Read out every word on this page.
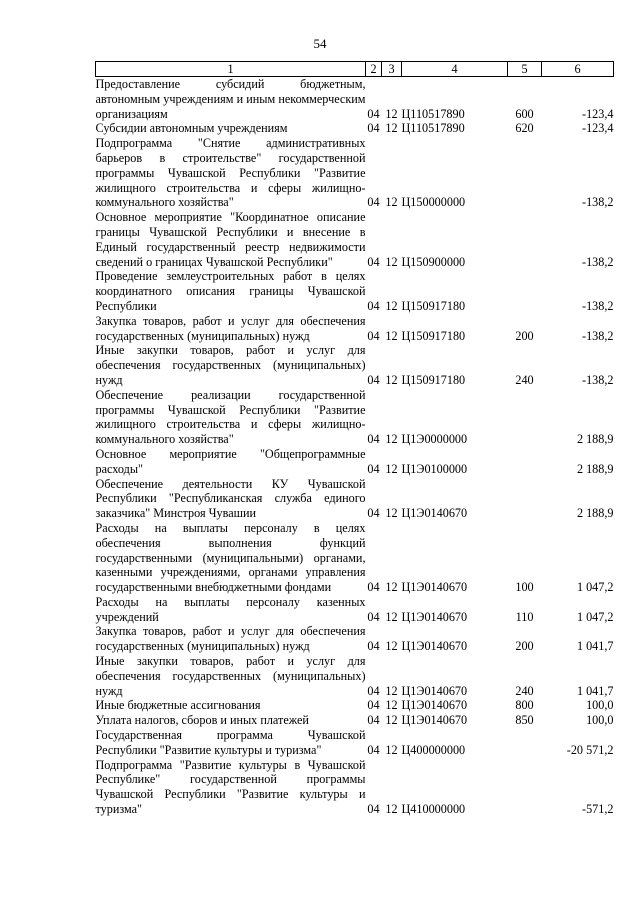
54
1	2	3	4	5	6
Предоставление субсидий бюджетным, автономным учреждениям и иным некоммерческим организациям	04	12	Ц110517890	600	-123,4
Субсидии автономным учреждениям	04	12	Ц110517890	620	-123,4
Подпрограмма "Снятие административных барьеров в строительстве" государственной программы Чувашской Республики "Развитие жилищного строительства и сферы жилищно-коммунального хозяйства"	04	12	Ц150000000		-138,2
Основное мероприятие "Координатное описание границы Чувашской Республики и внесение в Единый государственный реестр недвижимости сведений о границах Чувашской Республики"	04	12	Ц150900000		-138,2
Проведение землеустроительных работ в целях координатного описания границы Чувашской Республики	04	12	Ц150917180		-138,2
Закупка товаров, работ и услуг для обеспечения государственных (муниципальных) нужд	04	12	Ц150917180	200	-138,2
Иные закупки товаров, работ и услуг для обеспечения государственных (муниципальных) нужд	04	12	Ц150917180	240	-138,2
Обеспечение реализации государственной программы Чувашской Республики "Развитие жилищного строительства и сферы жилищно-коммунального хозяйства"	04	12	Ц1Э0000000		2 188,9
Основное мероприятие "Общепрограммные расходы"	04	12	Ц1Э0100000		2 188,9
Обеспечение деятельности КУ Чувашской Республики "Республиканская служба единого заказчика" Минстроя Чувашии	04	12	Ц1Э0140670		2 188,9
Расходы на выплаты персоналу в целях обеспечения выполнения функций государственными (муниципальными) органами, казенными учреждениями, органами управления государственными внебюджетными фондами	04	12	Ц1Э0140670	100	1 047,2
Расходы на выплаты персоналу казенных учреждений	04	12	Ц1Э0140670	110	1 047,2
Закупка товаров, работ и услуг для обеспечения государственных (муниципальных) нужд	04	12	Ц1Э0140670	200	1 041,7
Иные закупки товаров, работ и услуг для обеспечения государственных (муниципальных) нужд	04	12	Ц1Э0140670	240	1 041,7
Иные бюджетные ассигнования	04	12	Ц1Э0140670	800	100,0
Уплата налогов, сборов и иных платежей	04	12	Ц1Э0140670	850	100,0
Государственная программа Чувашской Республики "Развитие культуры и туризма"	04	12	Ц400000000		-20 571,2
Подпрограмма "Развитие культуры в Чувашской Республике" государственной программы Чувашской Республики "Развитие культуры и туризма"	04	12	Ц410000000		-571,2
